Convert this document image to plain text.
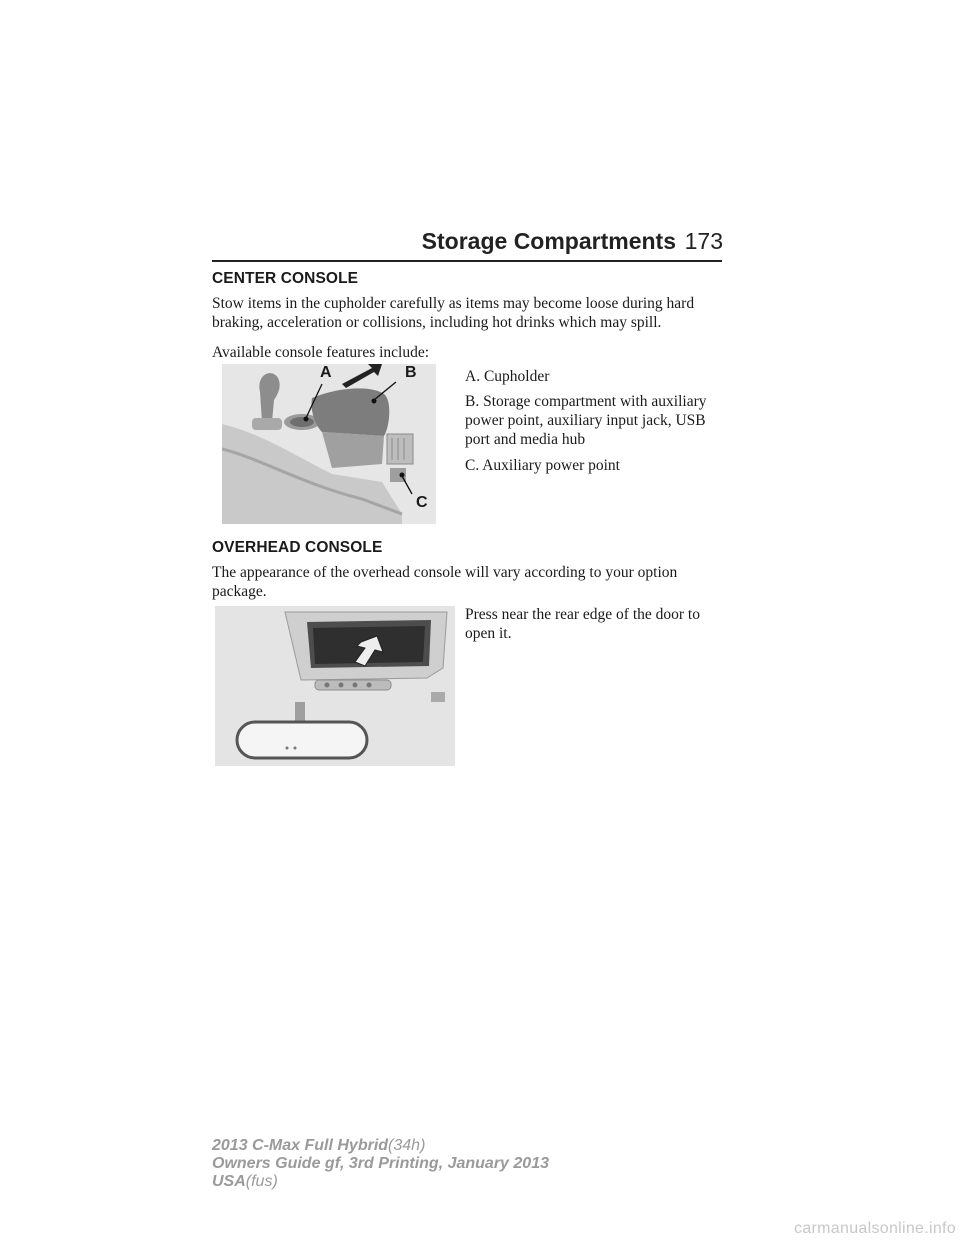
Storage Compartments 173
CENTER CONSOLE
Stow items in the cupholder carefully as items may become loose during hard braking, acceleration or collisions, including hot drinks which may spill.
Available console features include:
A	B
C
A. Cupholder
B. Storage compartment with auxiliary power point, auxiliary input jack, USB port and media hub
C. Auxiliary power point
OVERHEAD CONSOLE
The appearance of the overhead console will vary according to your option package.
Press near the rear edge of the door to open it.
2013 C-Max Full Hybrid(34h)
Owners Guide gf, 3rd Printing, January 2013
USA(fus)
carmanualsonline.info
